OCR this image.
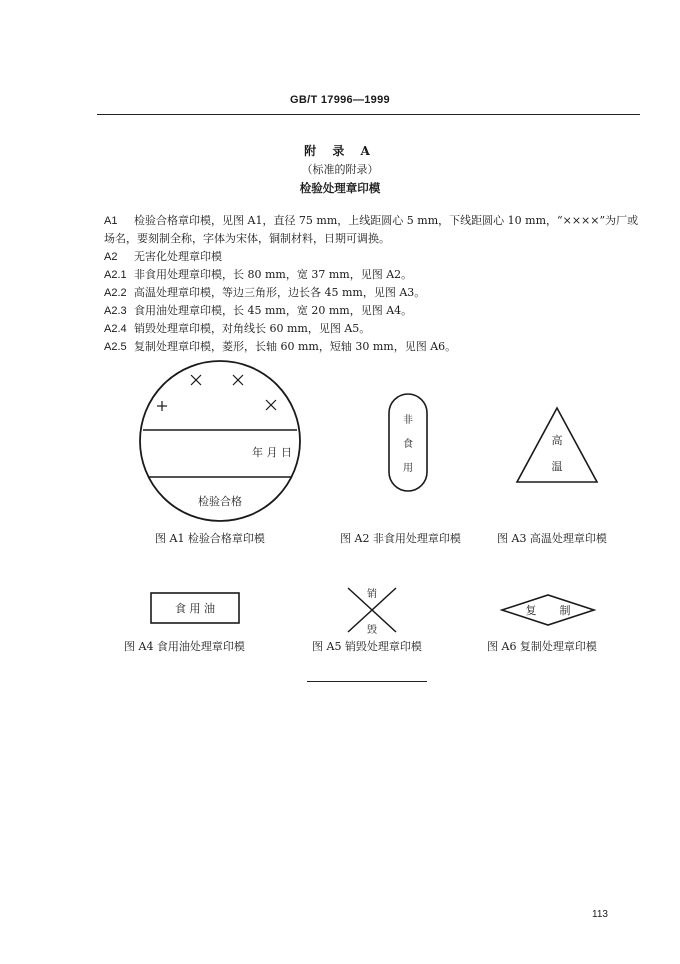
GB/T 17996—1999
附 录 A
（标准的附录）
检验处理章印模
A1 检验合格章印模，见图 A1，直径 75 mm，上线距圆心 5 mm，下线距圆心 10 mm，“××××”为厂或
场名，要刻制全称，字体为宋体，铜制材料，日期可调换。
A2 无害化处理章印模
A2.1 非食用处理章印模，长 80 mm，宽 37 mm，见图 A2。
A2.2 高温处理章印模，等边三角形，边长各 45 mm，见图 A3。
A2.3 食用油处理章印模，长 45 mm，宽 20 mm，见图 A4。
A2.4 销毁处理章印模，对角线长 60 mm，见图 A5。
A2.5 复制处理章印模，菱形，长轴 60 mm，短轴 30 mm，见图 A6。
年 月 日
检验合格
图 A1 检验合格章印模
非
食
用
图 A2 非食用处理章印模
高
温
图 A3 高温处理章印模
食 用 油
图 A4 食用油处理章印模
销
毁
图 A5 销毁处理章印模
复 制
图 A6 复制处理章印模
113
